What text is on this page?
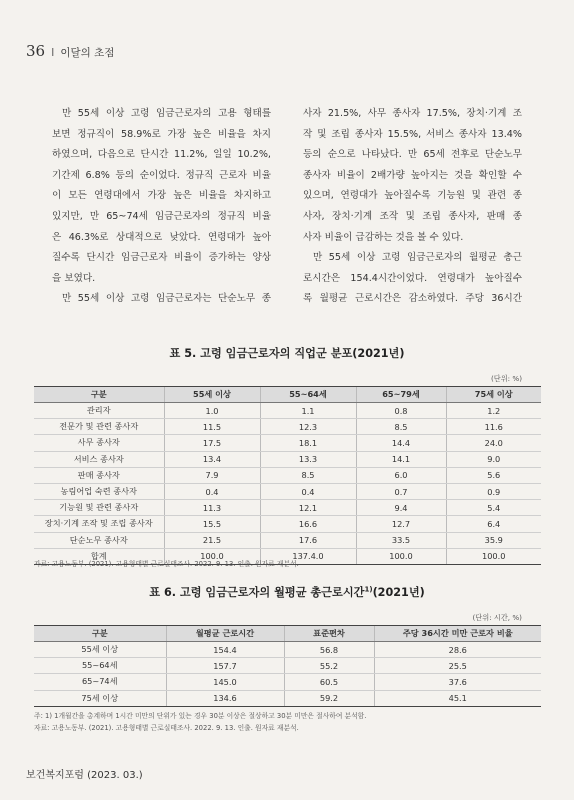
36 I 이달의 초점
만 55세 이상 고령 임금근로자의 고용 형태를
보면 정규직이 58.9%로 가장 높은 비율을 차지
하였으며, 다음으로 단시간 11.2%, 일일 10.2%,
기간제 6.8% 등의 순이었다. 정규직 근로자 비율
이 모든 연령대에서 가장 높은 비율을 차지하고
있지만, 만 65~74세 임금근로자의 정규직 비율
은 46.3%로 상대적으로 낮았다. 연령대가 높아
질수록 단시간 임금근로자 비율이 증가하는 양상
을 보였다.
만 55세 이상 고령 임금근로자는 단순노무 종
사자 21.5%, 사무 종사자 17.5%, 장치·기계 조
작 및 조립 종사자 15.5%, 서비스 종사자 13.4%
등의 순으로 나타났다. 만 65세 전후로 단순노무
종사자 비율이 2배가량 높아지는 것을 확인할 수
있으며, 연령대가 높아질수록 기능원 및 관련 종
사자, 장치·기계 조작 및 조립 종사자, 판매 종
사자 비율이 급감하는 것을 볼 수 있다.
만 55세 이상 고령 임금근로자의 월평균 총근
로시간은 154.4시간이었다. 연령대가 높아질수
록 월평균 근로시간은 감소하였다. 주당 36시간
표 5. 고령 임금근로자의 직업군 분포(2021년)
(단위: %)
구분	55세 이상	55~64세	65~79세	75세 이상
관리자	1.0	1.1	0.8	1.2
전문가 및 관련 종사자	11.5	12.3	8.5	11.6
사무 종사자	17.5	18.1	14.4	24.0
서비스 종사자	13.4	13.3	14.1	9.0
판매 종사자	7.9	8.5	6.0	5.6
농림어업 숙련 종사자	0.4	0.4	0.7	0.9
기능원 및 관련 종사자	11.3	12.1	9.4	5.4
장치·기계 조작 및 조립 종사자	15.5	16.6	12.7	6.4
단순노무 종사자	21.5	17.6	33.5	35.9
합계	100.0	137.4.0	100.0	100.0
자료: 고용노동부. (2021). 고용형태별 근로실태조사. 2022. 9. 13. 인출. 원자료 재분석.
표 6. 고령 임금근로자의 월평균 총근로시간$^{1)}$(2021년)
(단위: 시간, %)
구분	월평균 근로시간	표준편차	주당 36시간 미만 근로자 비율
55세 이상	154.4	56.8	28.6
55~64세	157.7	55.2	25.5
65~74세	145.0	60.5	37.6
75세 이상	134.6	59.2	45.1
주: 1) 1개월간을 총계하며 1시간 미만의 단위가 있는 경우 30분 이상은 절상하고 30분 미만은 절사하여 분석함.
자료: 고용노동부. (2021). 고용형태별 근로실태조사. 2022. 9. 13. 인출. 원자료 재분석.
보건복지포럼 (2023. 03.)
